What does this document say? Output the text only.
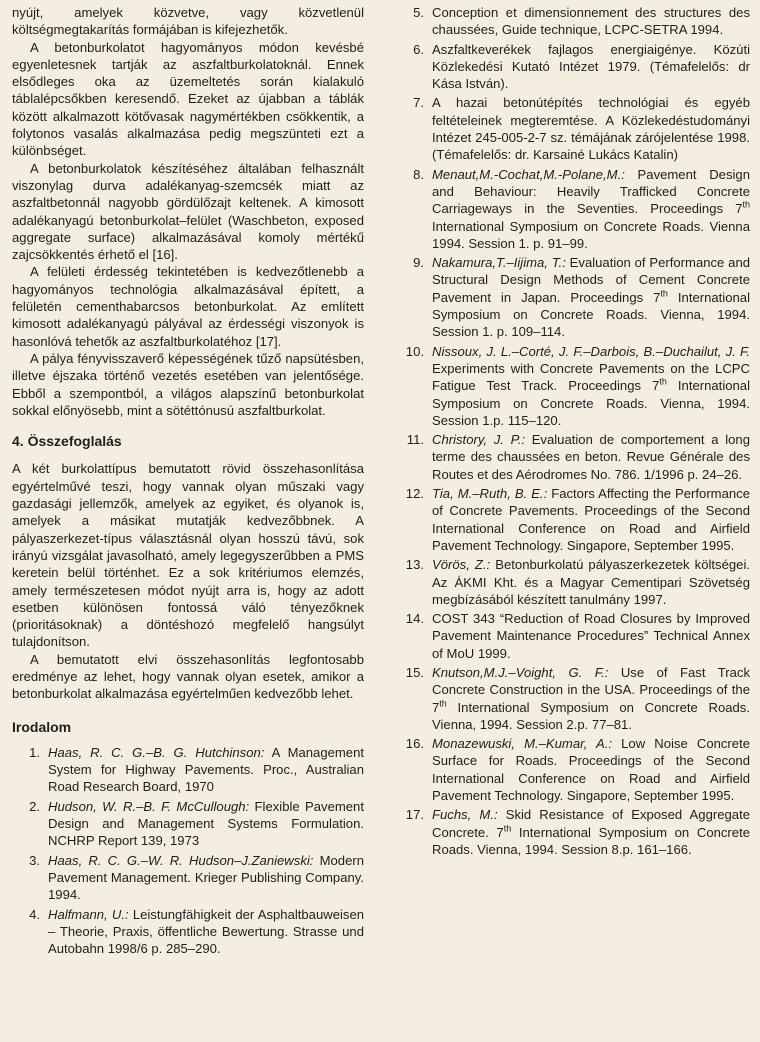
nyújt, amelyek közvetve, vagy közvetlenül költségmegtakarítás formájában is kifejezhetők.

A betonburkolatot hagyományos módon kevésbé egyenletesnek tartják az aszfaltburkolatoknál. Ennek elsődleges oka az üzemeltetés során kialakuló táblalépcsőkben keresendő. Ezeket az újabban a táblák között alkalmazott kötővasak nagymértékben csökkentik, a folytonos vasalás alkalmazása pedig megszünteti ezt a különbséget.

A betonburkolatok készítéséhez általában felhasznált viszonylag durva adalékanyag-szemcsék miatt az aszfaltbetonnál nagyobb gördülőzajt keltenek. A kimosott adalékanyagú betonburkolat–felület (Waschbeton, exposed aggregate surface) alkalmazásával komoly mértékű zajcsökkentés érhető el [16].

A felületi érdesség tekintetében is kedvezőtlenebb a hagyományos technológia alkalmazásával épített, a felületén cementhabarcsos betonburkolat. Az említett kimosott adalékanyagú pályával az érdességi viszonyok is hasonlóvá tehetők az aszfaltburkolatéhoz [17].

A pálya fényvisszaverő képességének tűző napsütésben, illetve éjszaka történő vezetés esetében van jelentősége. Ebből a szempontból, a világos alapszínű betonburkolat sokkal előnyösebb, mint a sötéttónusú aszfaltburkolat.

4. Összefoglalás

A két burkolattípus bemutatott rövid összehasonlítása egyértelművé teszi, hogy vannak olyan műszaki vagy gazdasági jellemzők, amelyek az egyiket, és olyanok is, amelyek a másikat mutatják kedvezőbbnek. A pályaszerkezet-típus választásnál olyan hosszú távú, sok irányú vizsgálat javasolható, amely legegyszerűbben a PMS keretein belül történhet. Ez a sok kritériumos elemzés, amely természetesen módot nyújt arra is, hogy az adott esetben különösen fontossá váló tényezőknek (prioritásoknak) a döntéshozó megfelelő hangsúlyt tulajdonítson.

A bemutatott elvi összehasonlítás legfontosabb eredménye az lehet, hogy vannak olyan esetek, amikor a betonburkolat alkalmazása egyértelműen kedvezőbb lehet.

Irodalom
1. Haas, R. C. G.–B. G. Hutchinson: A Management System for Highway Pavements. Proc., Australian Road Research Board, 1970
2. Hudson, W. R.–B. F. McCullough: Flexible Pavement Design and Management Systems Formulation. NCHRP Report 139, 1973
3. Haas, R. C. G.–W. R. Hudson–J.Zaniewski: Modern Pavement Management. Krieger Publishing Company. 1994.
4. Halfmann, U.: Leistungfähigkeit der Asphaltbauweisen – Theorie, Praxis, öffentliche Bewertung. Strasse und Autobahn 1998/6 p. 285–290.
5. Conception et dimensionnement des structures des chaussées, Guide technique, LCPC-SETRA 1994.
6. Aszfaltkeverékek fajlagos energiaigénye. Közúti Közlekedési Kutató Intézet 1979. (Témafelelős: dr Kása István).
7. A hazai betonútépítés technológiai és egyéb feltételeinek megteremtése. A Közlekedéstudományi Intézet 245-005-2-7 sz. témájának zárójelentése 1998. (Témafelelős: dr. Karsainé Lukács Katalin)
8. Menaut,M.-Cochat,M.-Polane,M.: Pavement Design and Behaviour: Heavily Trafficked Concrete Carriageways in the Seventies. Proceedings 7th International Symposium on Concrete Roads. Vienna 1994. Session 1. p. 91–99.
9. Nakamura,T.–Iijima, T.: Evaluation of Performance and Structural Design Methods of Cement Concrete Pavement in Japan. Proceedings 7th International Symposium on Concrete Roads. Vienna, 1994. Session 1. p. 109–114.
10. Nissoux, J. L.–Corté, J. F.–Darbois, B.–Duchailut, J. F. Experiments with Concrete Pavements on the LCPC Fatigue Test Track. Proceedings 7th International Symposium on Concrete Roads. Vienna, 1994. Session 1.p. 115–120.
11. Christory, J. P.: Evaluation de comportement a long terme des chaussées en beton. Revue Générale des Routes et des Aérodromes No. 786. 1/1996 p. 24–26.
12. Tia, M.–Ruth, B. E.: Factors Affecting the Performance of Concrete Pavements. Proceedings of the Second International Conference on Road and Airfield Pavement Technology. Singapore, September 1995.
13. Vörös, Z.: Betonburkolatú pályaszerkezetek költségei. Az ÁKMI Kht. és a Magyar Cementipari Szövetség megbízásából készített tanulmány 1997.
14. COST 343 “Reduction of Road Closures by Improved Pavement Maintenance Procedures” Technical Annex of MoU 1999.
15. Knutson,M.J.–Voight, G. F.: Use of Fast Track Concrete Construction in the USA. Proceedings of the 7th International Symposium on Concrete Roads. Vienna, 1994. Session 2.p. 77–81.
16. Monazewuski, M.–Kumar, A.: Low Noise Concrete Surface for Roads. Proceedings of the Second International Conference on Road and Airfield Pavement Technology. Singapore, September 1995.
17. Fuchs, M.: Skid Resistance of Exposed Aggregate Concrete. 7th International Symposium on Concrete Roads. Vienna, 1994. Session 8.p. 161–166.
